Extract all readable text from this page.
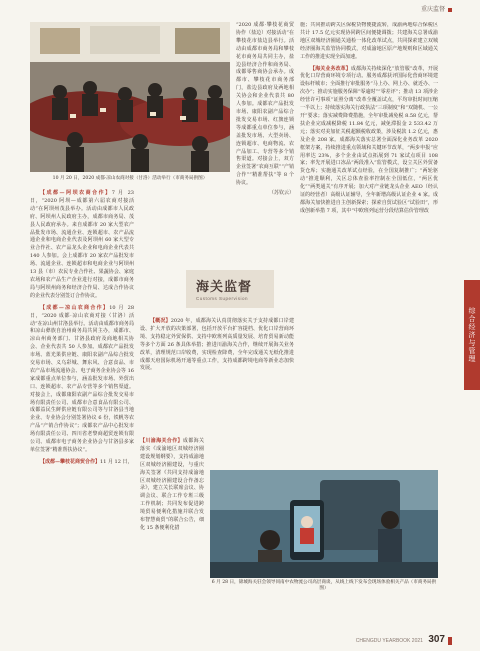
重庆监督
10 月 20 日，2020 成都·凉山农商对接（甘洛）活动举行（市商务局供图）

【成都—阿坝农商合作】7 月 23 日，“2020 阿坝—成都第六届农商对接活动”在阿坝州茂县举办。活动由成都市人民政府、阿坝州人民政府主办，成都市商务局、茂县人民政府承办。来自成都市 20 家大型农产品批发市场、流通企业、连锁超市、农产品流通企业和电商企业代表及阿坝州 60 家大型专业合作社、农产品龙头企业和电商企业代表共 140 人参加。会上成都市 20 家农产品批发市场、流通企业、连锁超市和电商企业与阿坝州 13 县（市）农民专业合作社、果蔬协会、家庭农场和农产品生产企业进行对接，成都市商务局与阿坝州商务和经济合作局、达成合作协议的企业代表分别签订合作协议。

【成都—凉山农商合作】10 月 28 日，“2020 成都·凉山农商对接（甘洛）活动”在凉山州甘洛县举行。活动由成都市商务局和凉山彝族自治州商务局共同主办，成都市、凉山州商务部门、甘洛县政府及商地相关协会、企业代表共 50 人参加。成都农产品批发市场、蓝光果供应链、康阳农副产品综合批发交易市场、义乌彩城、舞东风、合意食品、市农产品市场流通协会、电子商务企业协会等 16 家成都重点单位参与，涵盖批发市场、外贸出口、连锁超市、农产品专营等多个销售渠道。对接会上，成都康阳农副产品综合批发交易市场有限责任公司、成都市合意食品有限公司、成都益民生鲜供应链有限公司等与甘洛县当地企业、专业协会分别签署协议 6 份，铁帆等农产品“产销合作协议”；成都农产品中心批发市场有限责任公司、四川省老黎商超贸连锁有限公司、成都市电子商务企业协会与甘洛县多家单位签署“精准帮扶协议”。

【成都—攀枝花商贸合作】11 月 12 日，

“2020 成都·攀枝花商贸协作（盐边）对接活动”在攀枝花市盐边县举行。活动由成都市商务局和攀枝花市商务局共同主办，盐边县经济合作和商务局、成都零售商协会承办。成都市、攀枝花市商务部门，盐边县政府及两地相关协会和企业代表共 80 人参加。成都农产品批发市场、康阳农副产品综合批发交易市场、红旗连锁等成都重点单位参与，涵盖批发市场、大型卖场、连锁超市、电商物流、农产品加工、专营等多个销售渠道。对接会上，双方企业签署“农商互联”“产销合作”“精准帮扶”等 8 个协议。

（苏钦云）

海关监督
Customs Supervision

【概况】2020 年，成都海关认真贯彻落实关于支持成都口岸建设、扩大开放的决策部署，包括开放平台扩容提档、优化口岸营商环境、支持稳定外贸保供、支持中欧班列高质量发展、培育贸易新动能等多个方面 26 条具体举措；推进川渝海关合作，继续开展海关业务改革，清理规范口岸收费，实现检查降费，全年完成通关无纸化推进成都天府国际机场开通等重点工作，支持成都跨境电商等新业态加快发展。

【川渝海关合作】成都海关落实《成渝地区双城经济圈建设规划纲要》，支持成渝地区双城经济圈建设，与重庆海关签署《共同支持成渝地区双城经济圈建设合作备忘录》，建立关长联席会议、协调会议、联合工作专班三级工作机制；共同发布促进跨境贸易便利化措施并联合发布智慧商贸”的联合公告，细化 15 条便利化措

施；共同推动跨关区保税货物便捷流转，成渝两地综合保税区共计 17.5 亿元实现协同跨区间便捷调拨；共建海关总署成渝地区双城经济圈通关通检一体化改革试点，共同探索建立双城经济圈海关监管协同模式，对成渝地区原产地规则和区域通关工作的推进实现全面加速。

【海关业务改革】成都海关持续深化“放管服”改革，开展优化口岸营商环境专项行动。服务成都获评国际化营商环境建设标杆城市；全面推行审批服务“马上办、网上办、就近办、一次办”；推动实施服务保障“零逾时”“零差评”；推动 13 项涉企经营许可事项“证照分离”改革全覆盖试点，平均审批时间压缩一半以上；持续落实海关行政执法“三项制度”和“双随机、一公开”要求；落实减费降费措施，全年审批减免税 8.58 亿元，帮扶企业完成减税降税 11.84 亿元，减免滞报金 2 533.42 万元；落实对美加征关税超额税收政策，涉及税款 1.2 亿元，惠及企业 208 家。成都海关落实总署全面深化业务改革 2020 框架方案，持续推进重点领域和关键环节改革，“两步申报”应用率达 23%，多个企业由试点拓展到 71 家试点项目 108 家；率先开展进口冻品“两段准入”监管模式，设立关区外贸备货仓库；实施通关改革试点经验，在全国复制推广；“两轮驱动”推进顺利，关区总体查验率控制在全国低位，“两区优化”“两类通关”有序开展；加大对产业链龙头企业 AEO（经认证的经营者）高级认证辅导，全年新增高级认证企业 4 家。成都海关加快推进自主创新探索；探索自贸试验区“试验田”，形成创新举措 7 项，其中“中欧班列运营分段结算估价管理改

6 月 28 日，锦城海关驻会领导同南中农物流公司高层商谈，从线上线下发布会现场体验相关产品（市商务局供图）
综合经济与管理
CHENGDU YEARBOOK 2021 307
